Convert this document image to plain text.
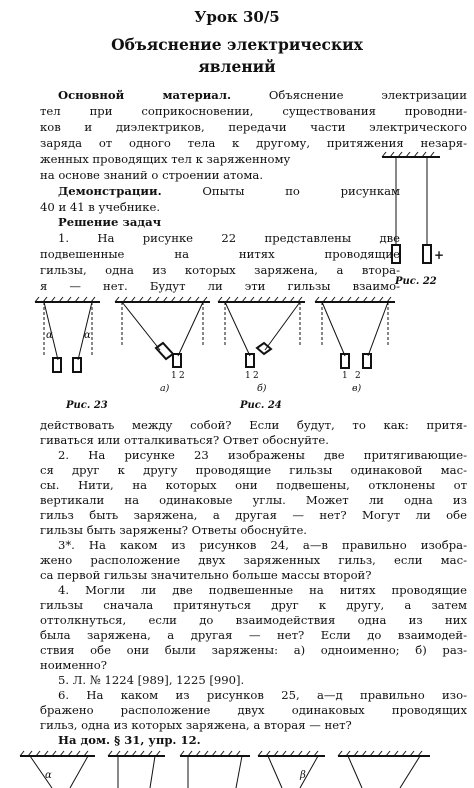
Урок 30/5
Объяснение электрических
явлений
Основной материал. Объяснение электризации
тел при соприкосновении, существования проводни-
ков и диэлектриков, передачи части электрического
заряда от одного тела к другому, притяжения незаря-
женных проводящих тел к заряженному
на основе знаний о строении атома.
Демонстрации. Опыты по рисункам
40 и 41 в учебнике.
Решение задач
1. На рисунке 22 представлены две
подвешенные на нитях проводящие
гильзы, одна из которых заряжена, а втора-
я — нет. Будут ли эти гильзы взаимо-
+
Рис. 22
α	α
1 2	1 2	1 2
а)	б)	в)
Рис. 23	Рис. 24
действовать между собой? Если будут, то как: притя-
гиваться или отталкиваться? Ответ обоснуйте.
2. На рисунке 23 изображены две притягивающие-
ся друг к другу проводящие гильзы одинаковой мас-
сы. Нити, на которых они подвешены, отклонены от
вертикали на одинаковые углы. Может ли одна из
гильз быть заряжена, а другая — нет? Могут ли обе
гильзы быть заряжены? Ответы обоснуйте.
3*. На каком из рисунков 24, а—в правильно изобра-
жено расположение двух заряженных гильз, если мас-
са первой гильзы значительно больше массы второй?
4. Могли ли две подвешенные на нитях проводящие
гильзы сначала притянуться друг к другу, а затем
оттолкнуться, если до взаимодействия одна из них
была заряжена, а другая — нет? Если до взаимодей-
ствия обе они были заряжены: а) одноименно; б) раз-
ноименно?
5. Л. № 1224 [989], 1225 [990].
6. На каком из рисунков 25, а—д правильно изо-
бражено расположение двух одинаковых проводящих
гильз, одна из которых заряжена, а вторая — нет?
На дом. § 31, упр. 12.
α	β
